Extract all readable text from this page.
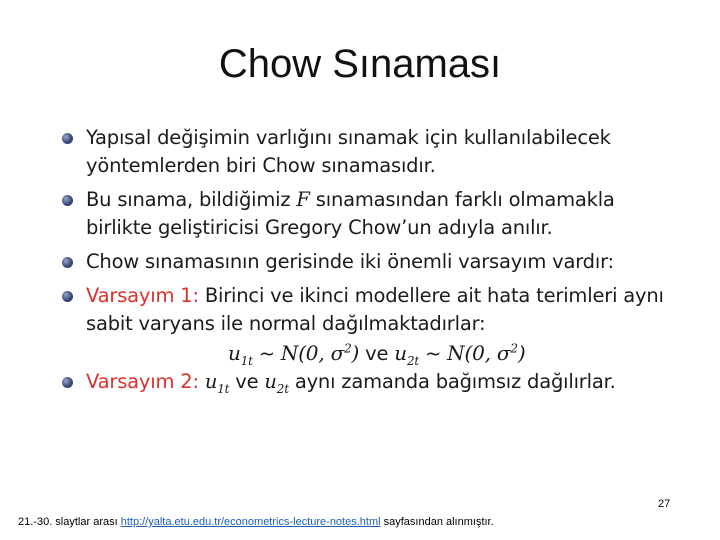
Chow Sınaması
Yapısal değişimin varlığını sınamak için kullanılabilecek yöntemlerden biri Chow sınamasıdır.
Bu sınama, bildiğimiz F sınamasından farklı olmamakla birlikte geliştiricisi Gregory Chow’un adıyla anılır.
Chow sınamasının gerisinde iki önemli varsayım vardır:
Varsayım 1: Birinci ve ikinci modellere ait hata terimleri aynı sabit varyans ile normal dağılmaktadırlar:
$u_{1t}$ ~ N(0, $\sigma^2$) ve $u_{2t}$ ~ N(0, $\sigma^2$)
Varsayım 2: $u_{1t}$ ve $u_{2t}$ aynı zamanda bağımsız dağılırlar.
27
21.-30. slaytlar arası http://yalta.etu.edu.tr/econometrics-lecture-notes.html sayfasından alınmıştır.
